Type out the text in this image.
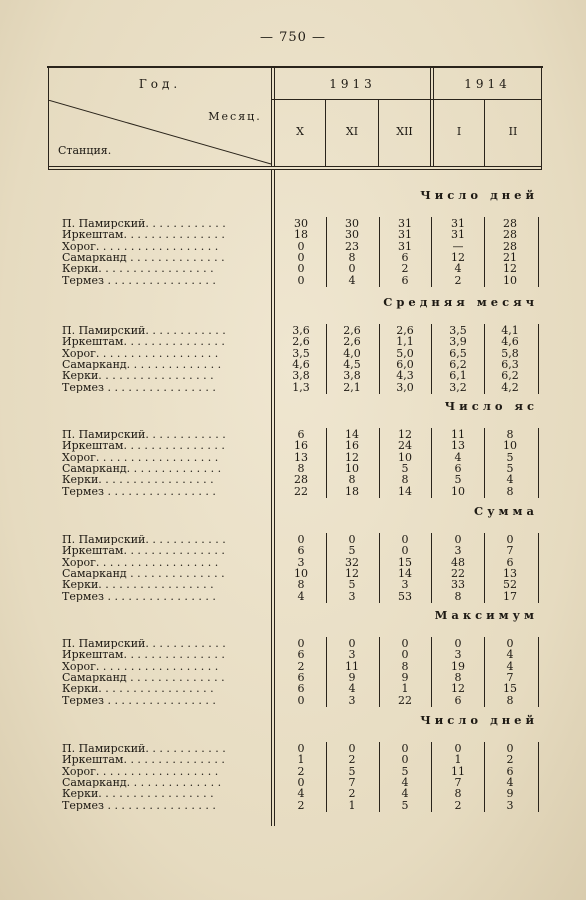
— 750 —
Год.	1913	1914
Месяц.
Станция.
X	XI	XII	I	II
Число дней
П. Памирский. . . . . . . . . . . .	30	30	31	31	28
Иркештам. . . . . . . . . . . . . . .	18	30	31	31	28
Хорог. . . . . . . . . . . . . . . . . .	0	23	31	—	28
Самарканд . . . . . . . . . . . . . .	0	8	6	12	21
Керки. . . . . . . . . . . . . . . . .	0	0	2	4	12
Термез . . . . . . . . . . . . . . . .	0	4	6	2	10
Средняя месяч
П. Памирский. . . . . . . . . . . .	3,6	2,6	2,6	3,5	4,1
Иркештам. . . . . . . . . . . . . . .	2,6	2,6	1,1	3,9	4,6
Хорог. . . . . . . . . . . . . . . . . .	3,5	4,0	5,0	6,5	5,8
Самарканд. . . . . . . . . . . . . .	4,6	4,5	6,0	6,2	6,3
Керки. . . . . . . . . . . . . . . . .	3,8	3,8	4,3	6,1	6,2
Термез . . . . . . . . . . . . . . . .	1,3	2,1	3,0	3,2	4,2
Число яс
П. Памирский. . . . . . . . . . . .	6	14	12	11	8
Иркештам. . . . . . . . . . . . . . .	16	16	24	13	10
Хорог. . . . . . . . . . . . . . . . . .	13	12	10	4	5
Самарканд. . . . . . . . . . . . . .	8	10	5	6	5
Керки. . . . . . . . . . . . . . . . .	28	8	8	5	4
Термез . . . . . . . . . . . . . . . .	22	18	14	10	8
Сумма
П. Памирский. . . . . . . . . . . .	0	0	0	0	0
Иркештам. . . . . . . . . . . . . . .	6	5	0	3	7
Хорог. . . . . . . . . . . . . . . . . .	3	32	15	48	6
Самарканд . . . . . . . . . . . . . .	10	12	14	22	13
Керки. . . . . . . . . . . . . . . . .	8	5	3	33	52
Термез . . . . . . . . . . . . . . . .	4	3	53	8	17
Максимум
П. Памирский. . . . . . . . . . . .	0	0	0	0	0
Иркештам. . . . . . . . . . . . . . .	6	3	0	3	4
Хорог. . . . . . . . . . . . . . . . . .	2	11	8	19	4
Самарканд . . . . . . . . . . . . . .	6	9	9	8	7
Керки. . . . . . . . . . . . . . . . .	6	4	1	12	15
Термез . . . . . . . . . . . . . . . .	0	3	22	6	8
Число дней
П. Памирский. . . . . . . . . . . .	0	0	0	0	0
Иркештам. . . . . . . . . . . . . . .	1	2	0	1	2
Хорог. . . . . . . . . . . . . . . . . .	2	5	5	11	6
Самарканд. . . . . . . . . . . . . .	0	7	4	7	4
Керки. . . . . . . . . . . . . . . . .	4	2	4	8	9
Термез . . . . . . . . . . . . . . . .	2	1	5	2	3
